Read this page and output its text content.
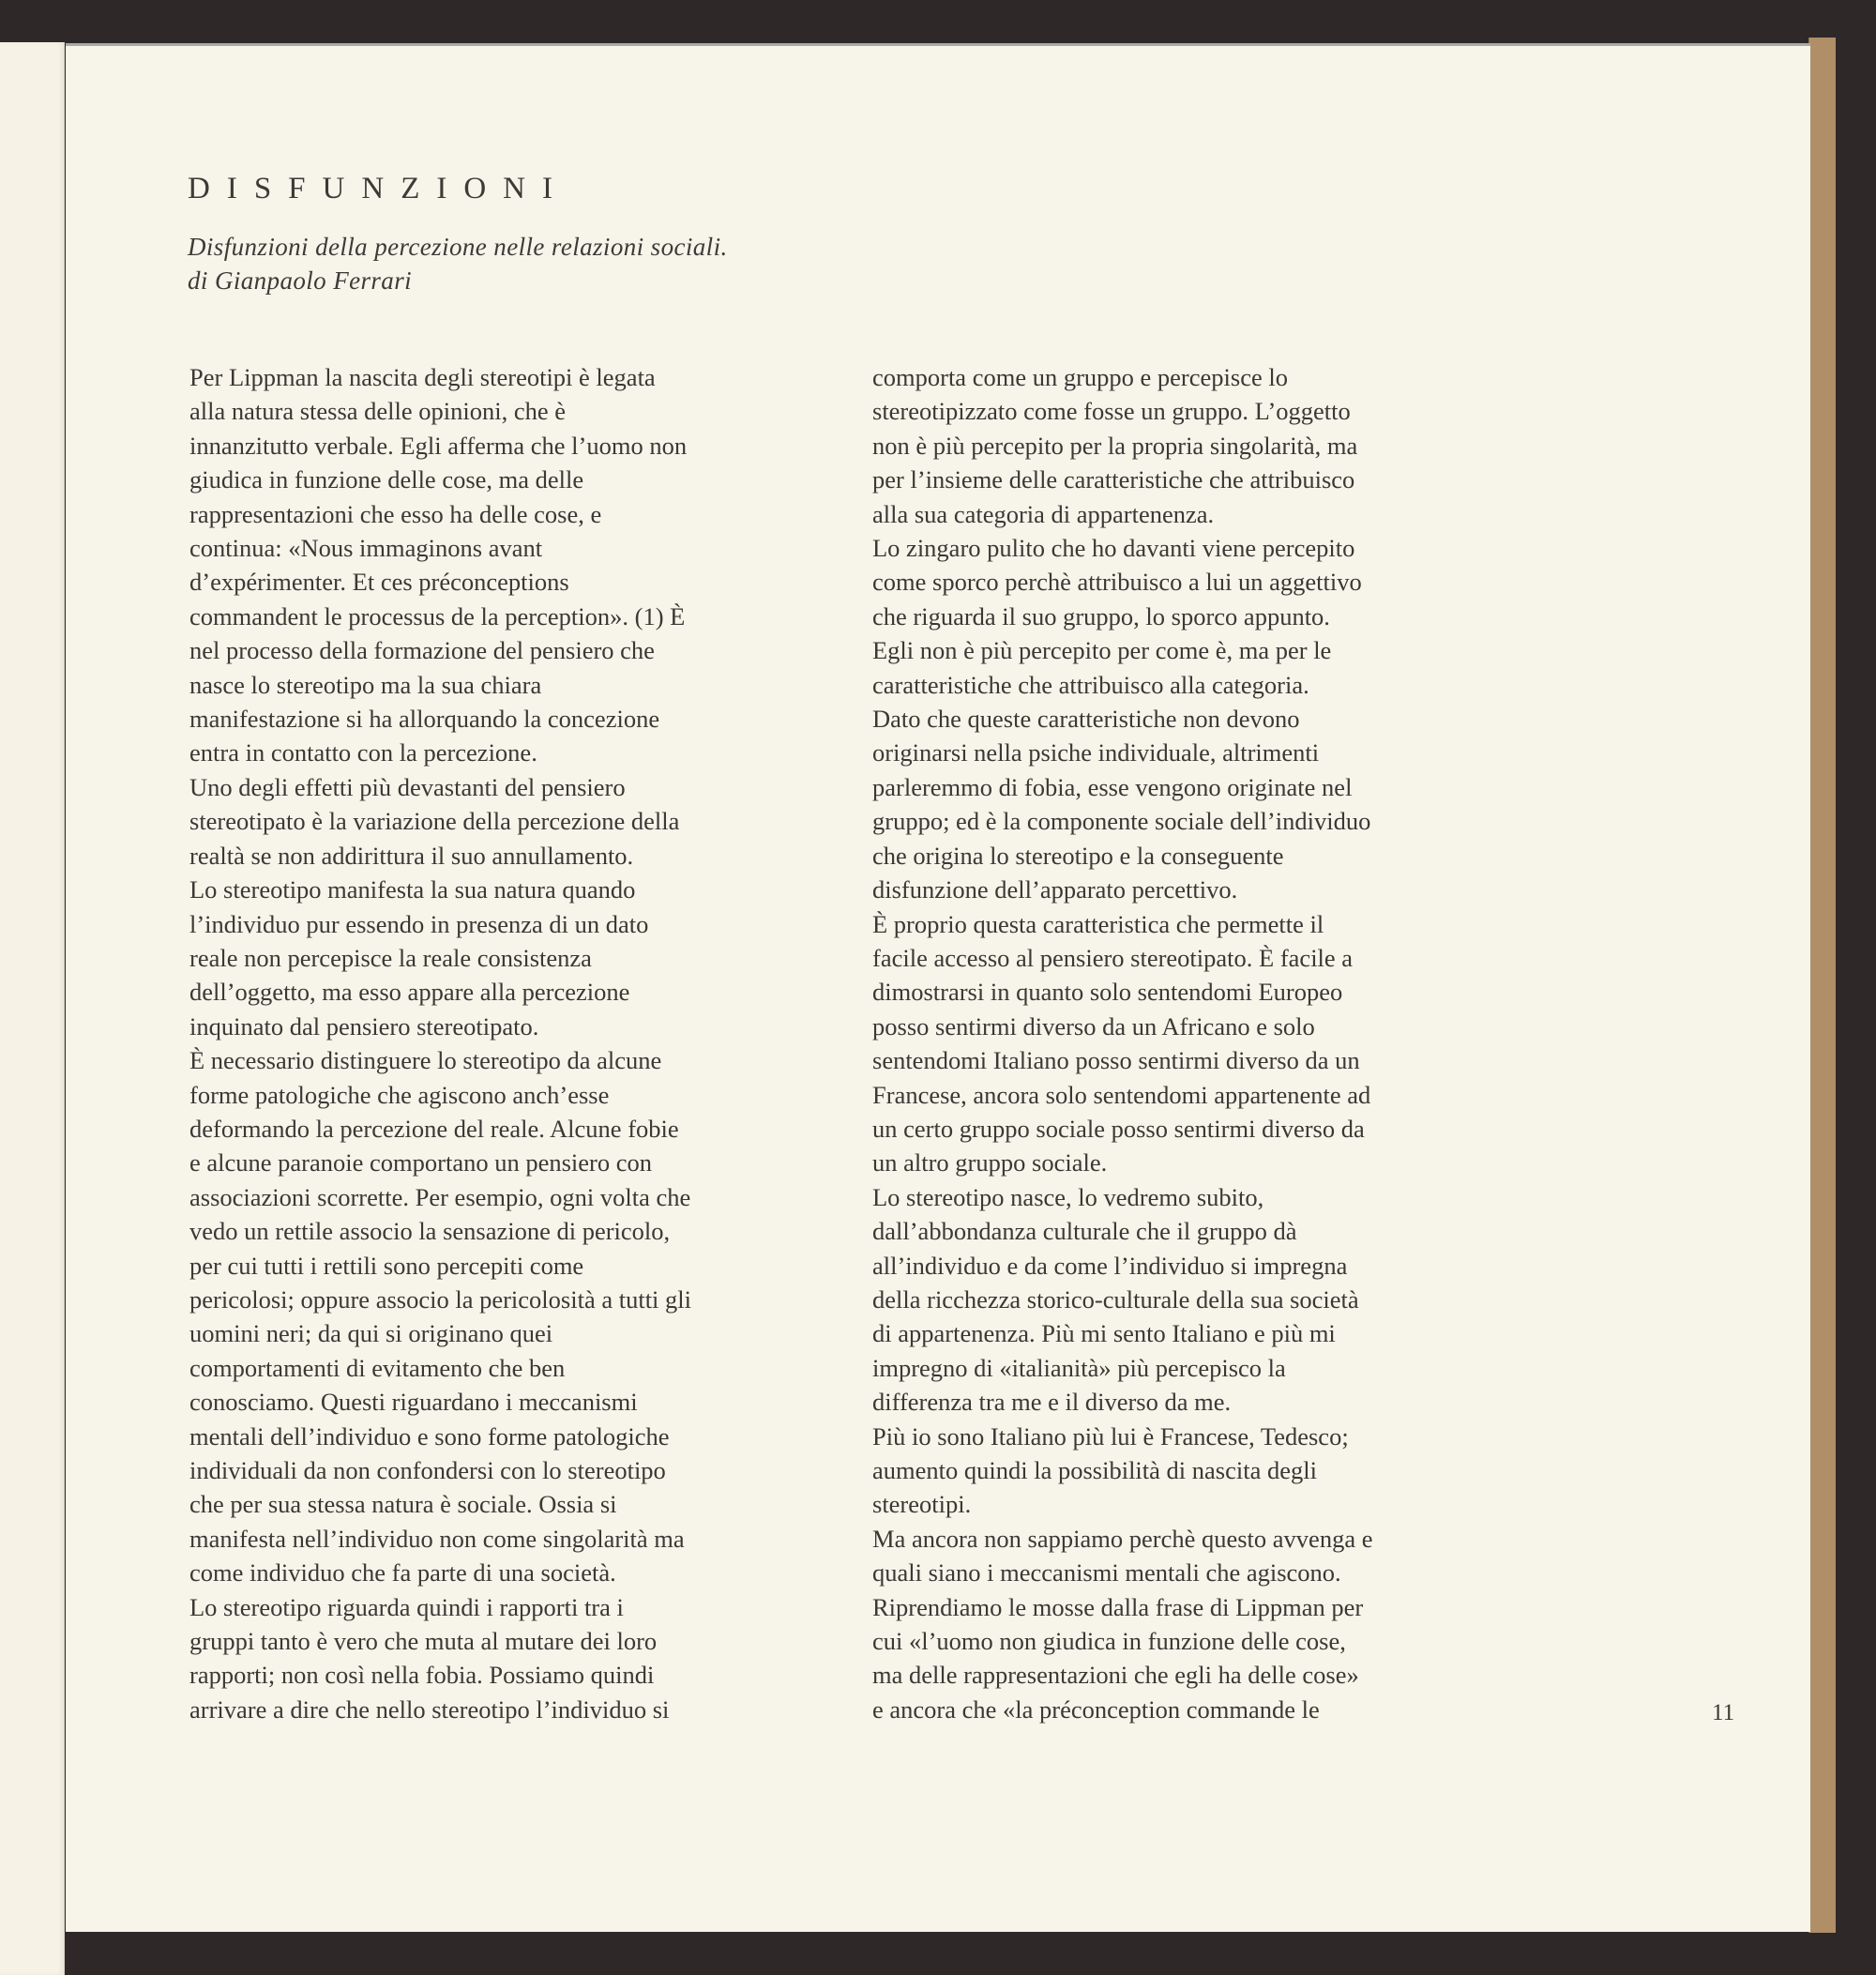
DISFUNZIONI
Disfunzioni della percezione nelle relazioni sociali.
di Gianpaolo Ferrari
Per Lippman la nascita degli stereotipi è legata
alla natura stessa delle opinioni, che è
innanzitutto verbale. Egli afferma che l’uomo non
giudica in funzione delle cose, ma delle
rappresentazioni che esso ha delle cose, e
continua: «Nous immaginons avant
d’expérimenter. Et ces préconceptions
commandent le processus de la perception». (1) È
nel processo della formazione del pensiero che
nasce lo stereotipo ma la sua chiara
manifestazione si ha allorquando la concezione
entra in contatto con la percezione.
Uno degli effetti più devastanti del pensiero
stereotipato è la variazione della percezione della
realtà se non addirittura il suo annullamento.
Lo stereotipo manifesta la sua natura quando
l’individuo pur essendo in presenza di un dato
reale non percepisce la reale consistenza
dell’oggetto, ma esso appare alla percezione
inquinato dal pensiero stereotipato.
È necessario distinguere lo stereotipo da alcune
forme patologiche che agiscono anch’esse
deformando la percezione del reale. Alcune fobie
e alcune paranoie comportano un pensiero con
associazioni scorrette. Per esempio, ogni volta che
vedo un rettile associo la sensazione di pericolo,
per cui tutti i rettili sono percepiti come
pericolosi; oppure associo la pericolosità a tutti gli
uomini neri; da qui si originano quei
comportamenti di evitamento che ben
conosciamo. Questi riguardano i meccanismi
mentali dell’individuo e sono forme patologiche
individuali da non confondersi con lo stereotipo
che per sua stessa natura è sociale. Ossia si
manifesta nell’individuo non come singolarità ma
come individuo che fa parte di una società.
Lo stereotipo riguarda quindi i rapporti tra i
gruppi tanto è vero che muta al mutare dei loro
rapporti; non così nella fobia. Possiamo quindi
arrivare a dire che nello stereotipo l’individuo si
comporta come un gruppo e percepisce lo
stereotipizzato come fosse un gruppo. L’oggetto
non è più percepito per la propria singolarità, ma
per l’insieme delle caratteristiche che attribuisco
alla sua categoria di appartenenza.
Lo zingaro pulito che ho davanti viene percepito
come sporco perchè attribuisco a lui un aggettivo
che riguarda il suo gruppo, lo sporco appunto.
Egli non è più percepito per come è, ma per le
caratteristiche che attribuisco alla categoria.
Dato che queste caratteristiche non devono
originarsi nella psiche individuale, altrimenti
parleremmo di fobia, esse vengono originate nel
gruppo; ed è la componente sociale dell’individuo
che origina lo stereotipo e la conseguente
disfunzione dell’apparato percettivo.
È proprio questa caratteristica che permette il
facile accesso al pensiero stereotipato. È facile a
dimostrarsi in quanto solo sentendomi Europeo
posso sentirmi diverso da un Africano e solo
sentendomi Italiano posso sentirmi diverso da un
Francese, ancora solo sentendomi appartenente ad
un certo gruppo sociale posso sentirmi diverso da
un altro gruppo sociale.
Lo stereotipo nasce, lo vedremo subito,
dall’abbondanza culturale che il gruppo dà
all’individuo e da come l’individuo si impregna
della ricchezza storico-culturale della sua società
di appartenenza. Più mi sento Italiano e più mi
impregno di «italianità» più percepisco la
differenza tra me e il diverso da me.
Più io sono Italiano più lui è Francese, Tedesco;
aumento quindi la possibilità di nascita degli
stereotipi.
Ma ancora non sappiamo perchè questo avvenga e
quali siano i meccanismi mentali che agiscono.
Riprendiamo le mosse dalla frase di Lippman per
cui «l’uomo non giudica in funzione delle cose,
ma delle rappresentazioni che egli ha delle cose»
e ancora che «la préconception commande le	11
